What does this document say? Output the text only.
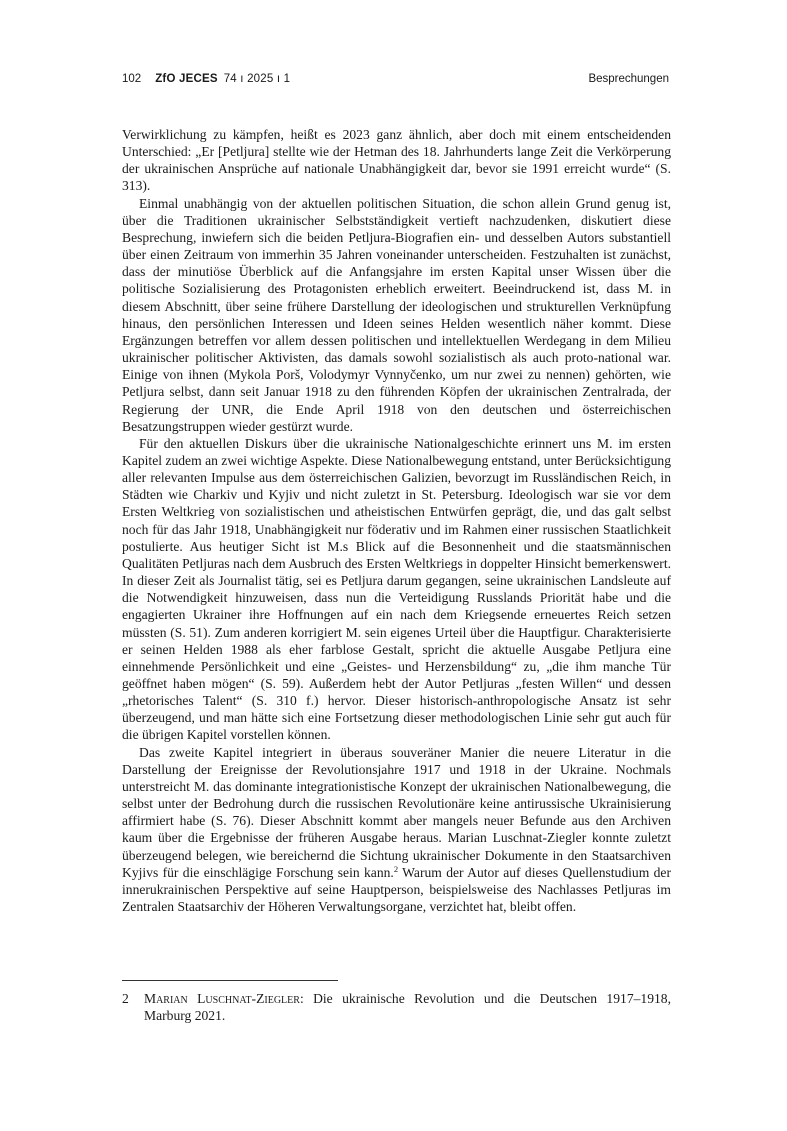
102 ZfO JECES 74 ı 2025 ı 1	Besprechungen

Verwirklichung zu kämpfen, heißt es 2023 ganz ähnlich, aber doch mit einem entscheidenden Unterschied: „Er [Petljura] stellte wie der Hetman des 18. Jahrhunderts lange Zeit die Verkörperung der ukrainischen Ansprüche auf nationale Unabhängigkeit dar, bevor sie 1991 erreicht wurde“ (S. 313).

Einmal unabhängig von der aktuellen politischen Situation, die schon allein Grund genug ist, über die Traditionen ukrainischer Selbstständigkeit vertieft nachzudenken, diskutiert diese Besprechung, inwiefern sich die beiden Petljura-Biografien ein- und desselben Autors substantiell über einen Zeitraum von immerhin 35 Jahren voneinander unterscheiden. Festzuhalten ist zunächst, dass der minutiöse Überblick auf die Anfangsjahre im ersten Kapital unser Wissen über die politische Sozialisierung des Protagonisten erheblich erweitert. Beeindruckend ist, dass M. in diesem Abschnitt, über seine frühere Darstellung der ideologischen und strukturellen Verknüpfung hinaus, den persönlichen Interessen und Ideen seines Helden wesentlich näher kommt. Diese Ergänzungen betreffen vor allem dessen politischen und intellektuellen Werdegang in dem Milieu ukrainischer politischer Aktivisten, das damals sowohl sozialistisch als auch proto-national war. Einige von ihnen (Mykola Porš, Volodymyr Vynnyčenko, um nur zwei zu nennen) gehörten, wie Petljura selbst, dann seit Januar 1918 zu den führenden Köpfen der ukrainischen Zentralrada, der Regierung der UNR, die Ende April 1918 von den deutschen und österreichischen Besatzungstruppen wieder gestürzt wurde.

Für den aktuellen Diskurs über die ukrainische Nationalgeschichte erinnert uns M. im ersten Kapitel zudem an zwei wichtige Aspekte. Diese Nationalbewegung entstand, unter Berücksichtigung aller relevanten Impulse aus dem österreichischen Galizien, bevorzugt im Russländischen Reich, in Städten wie Charkiv und Kyjiv und nicht zuletzt in St. Petersburg. Ideologisch war sie vor dem Ersten Weltkrieg von sozialistischen und atheistischen Entwürfen geprägt, die, und das galt selbst noch für das Jahr 1918, Unabhängigkeit nur föderativ und im Rahmen einer russischen Staatlichkeit postulierte. Aus heutiger Sicht ist M.s Blick auf die Besonnenheit und die staatsmännischen Qualitäten Petljuras nach dem Ausbruch des Ersten Weltkriegs in doppelter Hinsicht bemerkenswert. In dieser Zeit als Journalist tätig, sei es Petljura darum gegangen, seine ukrainischen Landsleute auf die Notwendigkeit hinzuweisen, dass nun die Verteidigung Russlands Priorität habe und die engagierten Ukrainer ihre Hoffnungen auf ein nach dem Kriegsende erneuertes Reich setzen müssten (S. 51). Zum anderen korrigiert M. sein eigenes Urteil über die Hauptfigur. Charakterisierte er seinen Helden 1988 als eher farblose Gestalt, spricht die aktuelle Ausgabe Petljura eine einnehmende Persönlichkeit und eine „Geistes- und Herzensbildung“ zu, „die ihm manche Tür geöffnet haben mögen“ (S. 59). Außerdem hebt der Autor Petljuras „festen Willen“ und dessen „rhetorisches Talent“ (S. 310 f.) hervor. Dieser historisch-anthropologische Ansatz ist sehr überzeugend, und man hätte sich eine Fortsetzung dieser methodologischen Linie sehr gut auch für die übrigen Kapitel vorstellen können.

Das zweite Kapitel integriert in überaus souveräner Manier die neuere Literatur in die Darstellung der Ereignisse der Revolutionsjahre 1917 und 1918 in der Ukraine. Nochmals unterstreicht M. das dominante integrationistische Konzept der ukrainischen Nationalbewegung, die selbst unter der Bedrohung durch die russischen Revolutionäre keine antirussische Ukrainisierung affirmiert habe (S. 76). Dieser Abschnitt kommt aber mangels neuer Befunde aus den Archiven kaum über die Ergebnisse der früheren Ausgabe heraus. Marian Luschnat-Ziegler konnte zuletzt überzeugend belegen, wie bereichernd die Sichtung ukrainischer Dokumente in den Staatsarchiven Kyjivs für die einschlägige Forschung sein kann.$^2$ Warum der Autor auf dieses Quellenstudium der innerukrainischen Perspektive auf seine Hauptperson, beispielsweise des Nachlasses Petljuras im Zentralen Staatsarchiv der Höheren Verwaltungsorgane, verzichtet hat, bleibt offen.

2	Marian Luschnat-Ziegler: Die ukrainische Revolution und die Deutschen 1917–1918, Marburg 2021.
